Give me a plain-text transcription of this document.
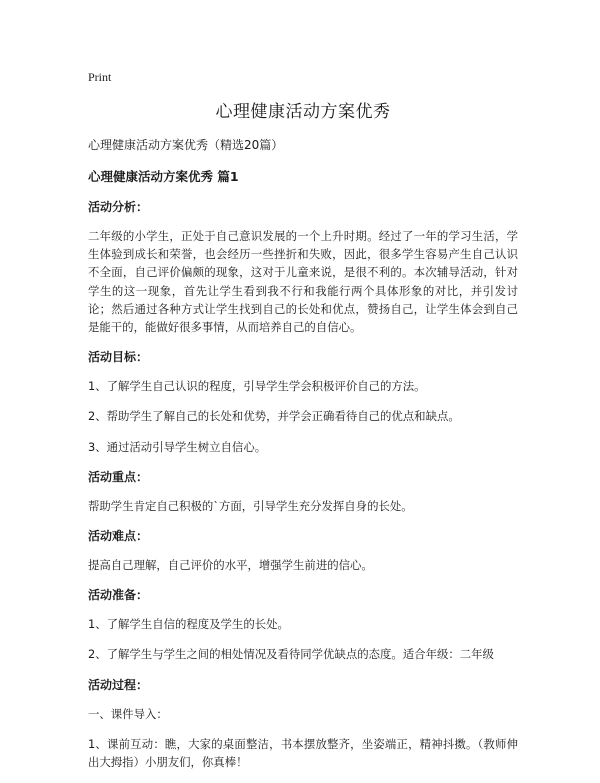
Print
心理健康活动方案优秀
心理健康活动方案优秀（精选20篇）
心理健康活动方案优秀 篇1
活动分析：

二年级的小学生，正处于自己意识发展的一个上升时期。经过了一年的学习生活，学生体验到成长和荣誉，也会经历一些挫折和失败，因此，很多学生容易产生自己认识不全面，自己评价偏颇的现象，这对于儿童来说，是很不利的。本次辅导活动，针对学生的这一现象，首先让学生看到我不行和我能行两个具体形象的对比，并引发讨论；然后通过各种方式让学生找到自己的长处和优点，赞扬自己，让学生体会到自己是能干的，能做好很多事情，从而培养自己的自信心。

活动目标：

1、了解学生自己认识的程度，引导学生学会积极评价自己的方法。

2、帮助学生了解自己的长处和优势，并学会正确看待自己的优点和缺点。

3、通过活动引导学生树立自信心。

活动重点：

帮助学生肯定自己积极的`方面，引导学生充分发挥自身的长处。

活动难点：

提高自己理解，自己评价的水平，增强学生前进的信心。

活动准备：

1、了解学生自信的程度及学生的长处。

2、了解学生与学生之间的相处情况及看待同学优缺点的态度。适合年级：二年级

活动过程：

一、课件导入：

1、课前互动：瞧，大家的桌面整洁，书本摆放整齐，坐姿端正，精神抖擞。（教师伸出大拇指）小朋友们，你真棒！
